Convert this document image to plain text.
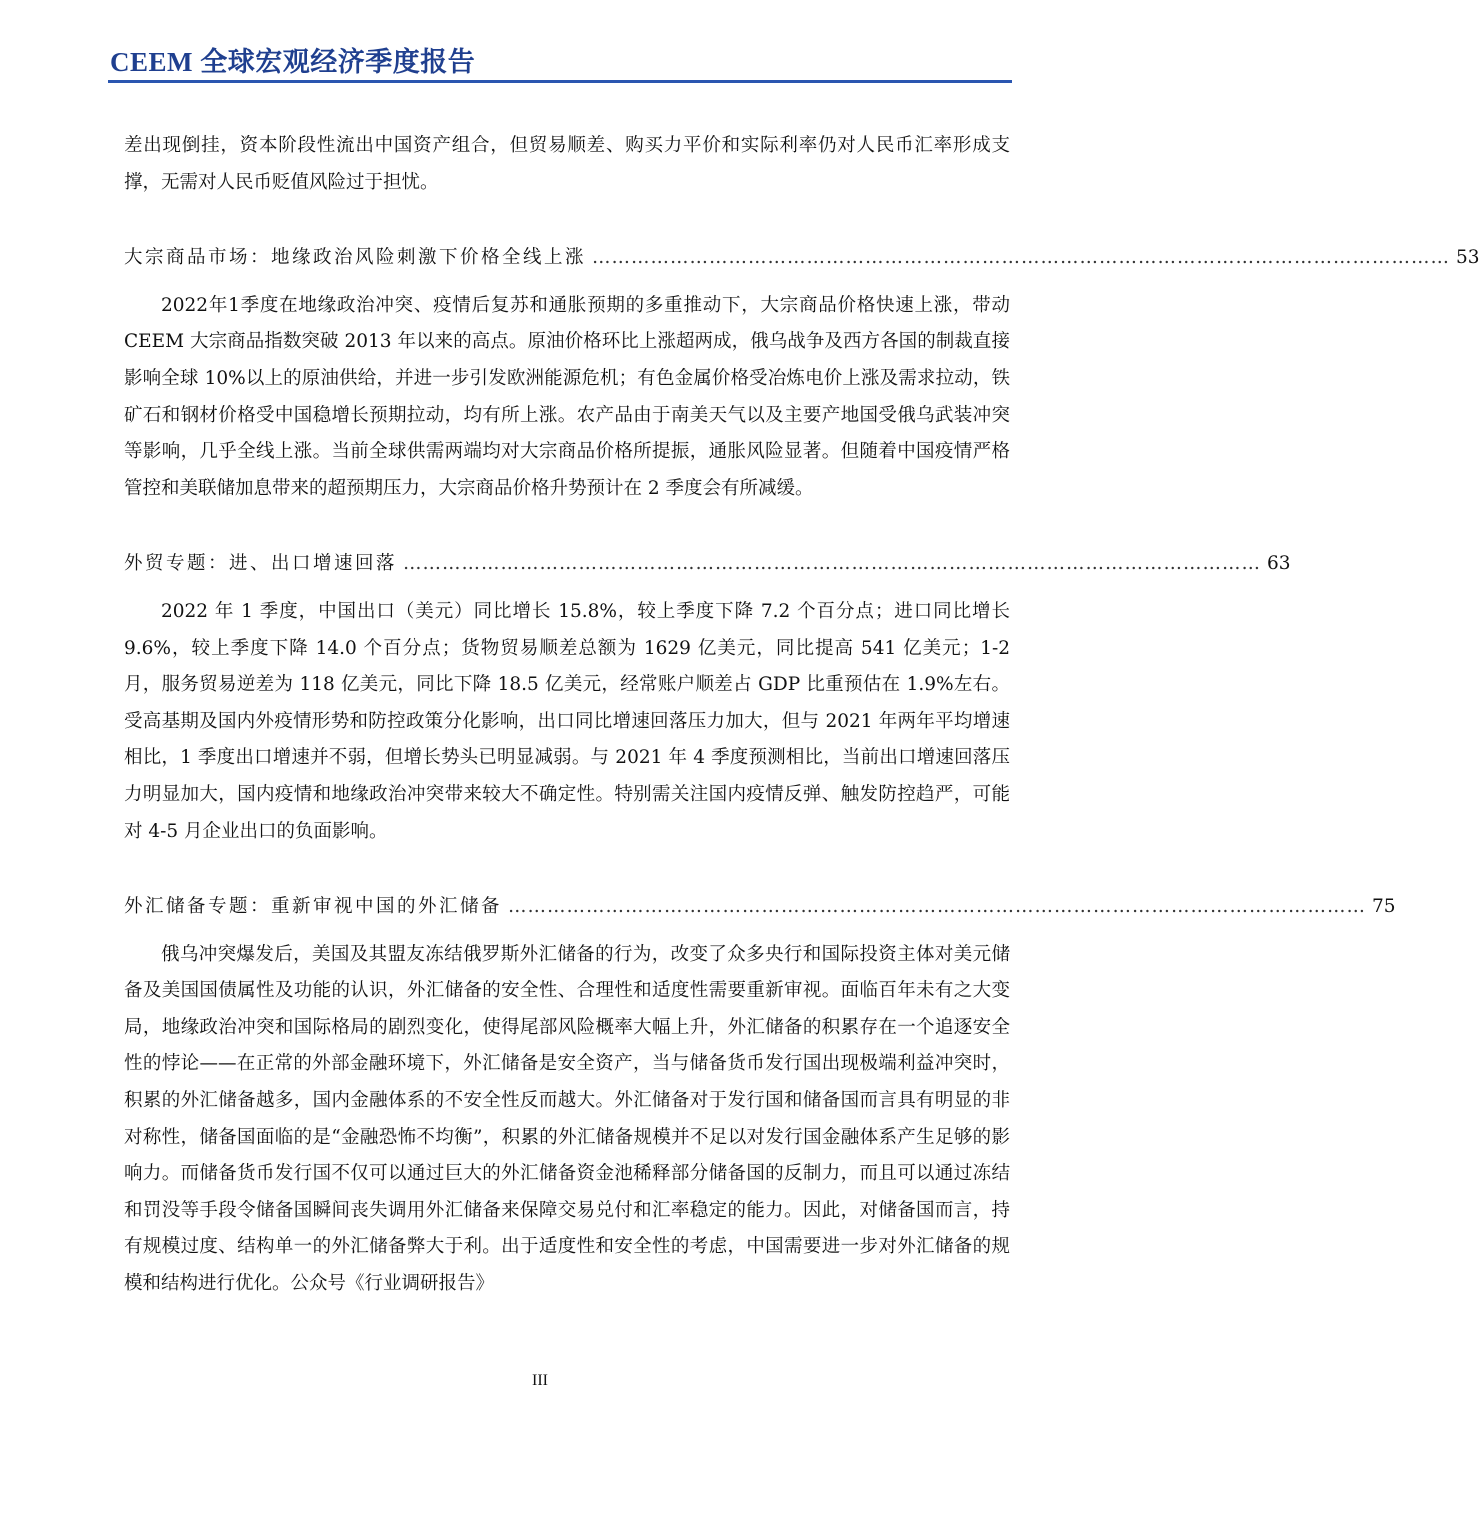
CEEM 全球宏观经济季度报告

差出现倒挂，资本阶段性流出中国资产组合，但贸易顺差、购买力平价和实际利率仍对人民币汇率形成支撑，无需对人民币贬值风险过于担忧。

大宗商品市场：地缘政治风险刺激下价格全线上涨 …………………………………………………………………………………………………………………… 53

2022年1季度在地缘政治冲突、疫情后复苏和通胀预期的多重推动下，大宗商品价格快速上涨，带动 CEEM 大宗商品指数突破 2013 年以来的高点。原油价格环比上涨超两成，俄乌战争及西方各国的制裁直接影响全球 10%以上的原油供给，并进一步引发欧洲能源危机；有色金属价格受冶炼电价上涨及需求拉动，铁矿石和钢材价格受中国稳增长预期拉动，均有所上涨。农产品由于南美天气以及主要产地国受俄乌武装冲突等影响，几乎全线上涨。当前全球供需两端均对大宗商品价格所提振，通胀风险显著。但随着中国疫情严格管控和美联储加息带来的超预期压力，大宗商品价格升势预计在 2 季度会有所减缓。

外贸专题：进、出口增速回落 …………………………………………………………………………………………………………………… 63

2022 年 1 季度，中国出口（美元）同比增长 15.8%，较上季度下降 7.2 个百分点；进口同比增长 9.6%，较上季度下降 14.0 个百分点；货物贸易顺差总额为 1629 亿美元，同比提高 541 亿美元；1-2 月，服务贸易逆差为 118 亿美元，同比下降 18.5 亿美元，经常账户顺差占 GDP 比重预估在 1.9%左右。受高基期及国内外疫情形势和防控政策分化影响，出口同比增速回落压力加大，但与 2021 年两年平均增速相比，1 季度出口增速并不弱，但增长势头已明显减弱。与 2021 年 4 季度预测相比，当前出口增速回落压力明显加大，国内疫情和地缘政治冲突带来较大不确定性。特别需关注国内疫情反弹、触发防控趋严，可能对 4-5 月企业出口的负面影响。

外汇储备专题：重新审视中国的外汇储备 …………………………………………………………………………………………………………………… 75

俄乌冲突爆发后，美国及其盟友冻结俄罗斯外汇储备的行为，改变了众多央行和国际投资主体对美元储备及美国国债属性及功能的认识，外汇储备的安全性、合理性和适度性需要重新审视。面临百年未有之大变局，地缘政治冲突和国际格局的剧烈变化，使得尾部风险概率大幅上升，外汇储备的积累存在一个追逐安全性的悖论——在正常的外部金融环境下，外汇储备是安全资产，当与储备货币发行国出现极端利益冲突时，积累的外汇储备越多，国内金融体系的不安全性反而越大。外汇储备对于发行国和储备国而言具有明显的非对称性，储备国面临的是“金融恐怖不均衡”，积累的外汇储备规模并不足以对发行国金融体系产生足够的影响力。而储备货币发行国不仅可以通过巨大的外汇储备资金池稀释部分储备国的反制力，而且可以通过冻结和罚没等手段令储备国瞬间丧失调用外汇储备来保障交易兑付和汇率稳定的能力。因此，对储备国而言，持有规模过度、结构单一的外汇储备弊大于利。出于适度性和安全性的考虑，中国需要进一步对外汇储备的规模和结构进行优化。公众号《行业调研报告》

III
